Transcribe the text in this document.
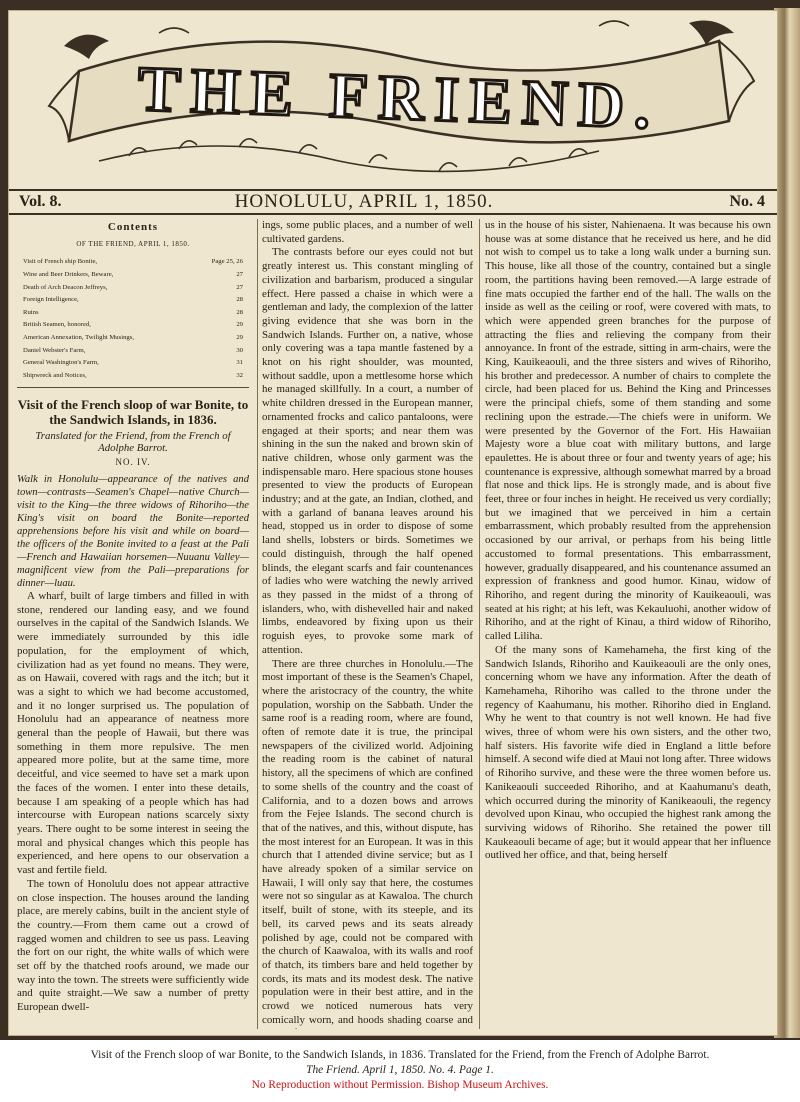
THE FRIEND.
Vol. 8.	HONOLULU, APRIL 1, 1850.	No. 4
Contents
OF THE FRIEND, APRIL 1, 1850.
Visit of French ship Bonite,	Page 25, 26
Wine and Beer Drinkers, Beware,	27
Death of Arch Deacon Jeffreys,	27
Foreign Intelligence,	28
Ruins	28
British Seamen, honored,	29
American Annexation, Twilight Musings,	29
Daniel Webster's Farm,	30
General Washington's Farm,	31
Shipwreck and Notices,	32
Visit of the French sloop of war Bonite, to the Sandwich Islands, in 1836.
Translated for the Friend, from the French of Adolphe Barrot.
NO. IV.
Walk in Honolulu—appearance of the natives and town—contrasts—Seamen's Chapel—native Church—visit to the King—the three widows of Rihoriho—the King's visit on board the Bonite—reported apprehensions before his visit and while on board—the officers of the Bonite invited to a feast at the Pali—French and Hawaiian horsemen—Nuuanu Valley—magnificent view from the Pali—preparations for dinner—luau.
A wharf, built of large timbers and filled in with stone, rendered our landing easy, and we found ourselves in the capital of the Sandwich Islands. We were immediately surrounded by this idle population, for the employment of which, civilization had as yet found no means. They were, as on Hawaii, covered with rags and the itch; but it was a sight to which we had become accustomed, and it no longer surprised us. The population of Honolulu had an appearance of neatness more general than the people of Hawaii, but there was something in them more repulsive. The men appeared more polite, but at the same time, more deceitful, and vice seemed to have set a mark upon the faces of the women. I enter into these details, because I am speaking of a people which has had intercourse with European nations scarcely sixty years. There ought to be some interest in seeing the moral and physical changes which this people has experienced, and here opens to our observation a vast and fertile field.
The town of Honolulu does not appear attractive on close inspection. The houses around the landing place, are merely cabins, built in the ancient style of the country.—From them came out a crowd of ragged women and children to see us pass. Leaving the fort on our right, the white walls of which were set off by the thatched roofs around, we made our way into the town. The streets were sufficiently wide and quite straight.—We saw a number of pretty European dwell-
ings, some public places, and a number of well cultivated gardens.
The contrasts before our eyes could not but greatly interest us. This constant mingling of civilization and barbarism, produced a singular effect. Here passed a chaise in which were a gentleman and lady, the complexion of the latter giving evidence that she was born in the Sandwich Islands. Further on, a native, whose only covering was a tapa mantle fastened by a knot on his right shoulder, was mounted, without saddle, upon a mettlesome horse which he managed skillfully. In a court, a number of white children dressed in the European manner, ornamented frocks and calico pantaloons, were engaged at their sports; and near them was shining in the sun the naked and brown skin of native children, whose only garment was the indispensable maro. Here spacious stone houses presented to view the products of European industry; and at the gate, an Indian, clothed, and with a garland of banana leaves around his head, stopped us in order to dispose of some land shells, lobsters or birds. Sometimes we could distinguish, through the half opened blinds, the elegant scarfs and fair countenances of ladies who were watching the newly arrived as they passed in the midst of a throng of islanders, who, with dishevelled hair and naked limbs, endeavored by fixing upon us their roguish eyes, to provoke some mark of attention.
There are three churches in Honolulu.—The most important of these is the Seamen's Chapel, where the aristocracy of the country, the white population, worship on the Sabbath. Under the same roof is a reading room, where are found, often of remote date it is true, the principal newspapers of the civilized world. Adjoining the reading room is the cabinet of natural history, all the specimens of which are confined to some shells of the country and the coast of California, and to a dozen bows and arrows from the Fejee Islands. The second church is that of the natives, and this, without dispute, has the most interest for an European. It was in this church that I attended divine service; but as I have already spoken of a similar service on Hawaii, I will only say that here, the costumes were not so singular as at Kawaloa. The church itself, built of stone, with its steeple, and its bell, its carved pews and its seats already polished by age, could not be compared with the church of Kaawaloa, with its walls and roof of thatch, its timbers bare and held together by cords, its mats and its modest desk. The native population were in their best attire, and in the crowd we noticed numerous hats very comically worn, and hoods shading coarse and
us in the house of his sister, Nahienaena. It was because his own house was at some distance that he received us here, and he did not wish to compel us to take a long walk under a burning sun. This house, like all those of the country, contained but a single room, the partitions having been removed.—A large estrade of fine mats occupied the farther end of the hall. The walls on the inside as well as the ceiling or roof, were covered with mats, to which were appended green branches for the purpose of attracting the flies and relieving the company from their annoyance. In front of the estrade, sitting in arm-chairs, were the King, Kauikeaouli, and the three sisters and wives of Rihoriho, his brother and predecessor. A number of chairs to complete the circle, had been placed for us. Behind the King and Princesses were the principal chiefs, some of them standing and some reclining upon the estrade.—The chiefs were in uniform. We were presented by the Governor of the Fort. His Hawaiian Majesty wore a blue coat with military buttons, and large epaulettes. He is about three or four and twenty years of age; his countenance is expressive, although somewhat marred by a broad flat nose and thick lips. He is strongly made, and is about five feet, three or four inches in height. He received us very cordially; but we imagined that we perceived in him a certain embarrassment, which probably resulted from the apprehension occasioned by our arrival, or perhaps from his being little accustomed to formal presentations. This embarrassment, however, gradually disappeared, and his countenance assumed an expression of frankness and good humor. Kinau, widow of Rihoriho, and regent during the minority of Kauikeaouli, was seated at his right; at his left, was Kekauluohi, another widow of Rihoriho, and at the right of Kinau, a third widow of Rihoriho, called Liliha.
Of the many sons of Kamehameha, the first king of the Sandwich Islands, Rihoriho and Kauikeaouli are the only ones, concerning whom we have any information. After the death of Kamehameha, Rihoriho was called to the throne under the regency of Kaahumanu, his mother. Rihoriho died in England. Why he went to that country is not well known. He had five wives, three of whom were his own sisters, and the other two, half sisters. His favorite wife died in England a little before himself. A second wife died at Maui not long after. Three widows of Rihoriho survive, and these were the three women before us. Kanikeaouli succeeded Rihoriho, and at Kaahumanu's death, which occurred during the minority of Kanikeaouli, the regency devolved upon Kinau, who occupied the highest rank among the surviving widows of Rihoriho. She retained the power till Kaukeaouli became of age; but it would appear that her influence outlived her office, and that, being herself
Visit of the French sloop of war Bonite, to the Sandwich Islands, in 1836. Translated for the Friend, from the French of Adolphe Barrot.
The Friend. April 1, 1850. No. 4. Page 1.
No Reproduction without Permission. Bishop Museum Archives.
